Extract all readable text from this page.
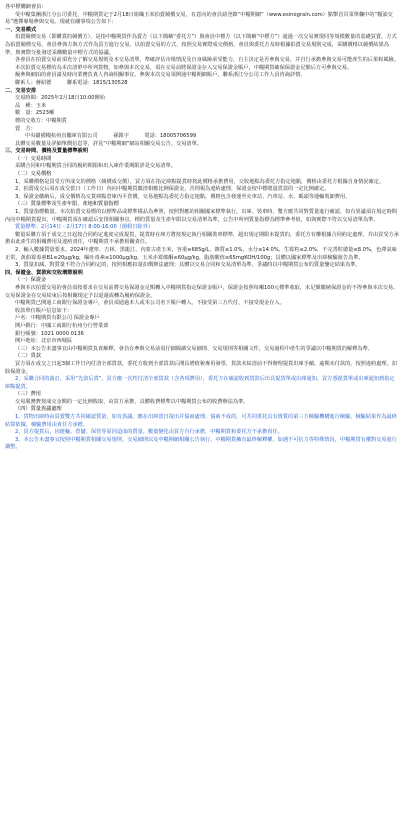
各中標購網會員：

受中糧集團浙江分公司委托，中糧期貨定于2月18日組織玉米拍賣競價交易，有意向的會員請登錄“中糧期網”（www.esinograin.com）點擊首頁菜單欄中的“糧油交易”選擇專場參與交易。現就有關事項公告如下：

一、交易模式

拍賣競價交易（即購貨的競價方），是指中糧期貨作為賣方（以下簡稱“委托方”）與會員中標方（以下簡稱“中標方”）通過一次交易實現同等規模數量的基礎買賣，方式為拍賣競價交易，會員參與方與方式作為買方進行交易，以拍賣交易的方式，按照交易實際成交價格，會員與委托方及時根據拍賣交易規則完成，采購價格以競價結果為準，與實際分批發送采購數量中標方式的協議。

各會員在拍賣交易前須充分了解交易規則及本交易清單，準確評估市場情況及自身風險承受能力，自主決定是否參與交易，并自行承擔參與交易可能產生的后果和風險。

本次拍賣交易標的為本次清單中所列貨物。如參與本次交易，須在交易前將保證金存入交易保證金賬戶，中糧期貨確保保證金足額后方可參與交易。

擬參與網拍的會員請及時向業務負責人咨詢相關事宜。參與本次交易須開通中糧期網賬戶，聯系浙江分公司工作人員咨詢詳情。

聯系人：蔣紹德　　　聯系電話：1815/130528

二、交易安排

交易時間：2025年2月18日10:00開始

品　種：玉米

數　量：2523噸

標的交收方：中糧期貨

賣　方：

中央儲備糧杭州直屬庫有限公司　　　孫銘宇　　　電話：18005706599

具體交易數量及詳細單價信息等，詳見“中糧期網”網站相關交易公告、交易清單。

三、交易時間、價格及質量標準說明

（一）交易時間

采購合同和中糧期貨合同的履約期限和出入庫作業期限詳見交易清單。

（二）交易價格

1、采購價格是買受方所成交的價格（競價成交價），買方須在指定庫點提貨時按此價格承擔費用，交收地點為委托方指定地點，價格由委托方根據自身情況確定。

2、拍賣成交后須在成交當日（工作日）內向中糧期貨繳清相應比例保證金，否則視為違約處理，保證金按中標總量貨款的一定比例確定。

3、保證金繳納后，成交價格為交貨庫點倉庫內平倉價，交易地點為委托方指定地點，價格包含發運至火車站、汽車站、水、碼頭等運輸裝卸費用。

（三）質量標準及生產年限、產地和質量指標

1、質量指標數量。本次拍賣交易標的以標準品或標準樣品為參照，按照對應的相關國家標準執行。出庫、裝車時，雙方應共同對質量進行確認，如有異議須在規定時間內向中糧期貨提出，中糧期貨須在確認后安排相關事宜。標的質量及生產年限以交易清單為準，公告中所列質量指標為標準參考值，如與實際不符以交易清單為準。

質量標準：2月14日 - 2月17日 8:00-16:00（節假日除外）

數量采購方須于成交之日起按合同約定進度完成提貨，提貨時在庫方將按規定執行相關裝車標準，超出規定期限未提貨的，委托方有權根據合同約定處理，并由買受方承擔由此產生的相關費用及違約責任，中糧期貨不承擔相關責任。

2、輸入數據質量要求。2024年遼寧、吉林、黑龍江、內蒙古產玉米，容重≥685g/L，雜質≤1.0%，水分≤14.0%，生霉粒≤2.0%，不完善粒總量≤8.0%，色澤氣味正常，黃曲霉毒素B1≤20μg/kg，嘔吐毒素≤1000μg/kg，玉米赤霉烯酮≤60μg/kg，脂肪酸值≤65mgKOH/100g；具體以國家標準及出庫檢驗報告為準。

3、質量扣減。對質量不符合合同約定的，按照相應扣量扣價辦法處理；具體以交易合同和交易清單為準，爭議時以中糧期貨公布的質量鑒定結果為準。

四、保證金、貨款和交收環節說明

（一）保證金

參與本次拍賣交易的會員須按要求在交易前將交易保證金足額轉入中糧期貨指定保證金賬戶，保證金按照每噸100元標準收取，未足額繳納保證金的不得參與本次交易。交易保證金在交易結束后按相關規定予以退還或轉為履約保證金。

中糧期貨已開通工商銀行保證金專戶，會員須通過本人或本公司名下賬戶轉入，不接受第三方代付，不接受現金存入。

收款單位賬戶信息如下：

戶名：中糧期貨有限公司 保證金專戶

開戶銀行：中國工商銀行杭州分行營業部

銀行帳號：1021 0000 0136

開戶地址：北京市西城區

（三）本公告未盡事宜由中糧期貨負責解釋，會員在參與交易前須仔細閱讀交易細則、交易規則等相關文件，交易過程中產生的爭議以中糧期貨的解釋為準。

（二）貨款

買方須在成交之日起3個工作日內付清全部貨款，委托方收到全部貨款后開具增值稅專用發票，貨款未結清前不得辦理提貨出庫手續。逾期未付款的，按照違約處理，扣除保證金。

2、采購合同的簽訂，采用“先款后貨”、買方應一次性付清全部貨款（含各項費用），委托方在確認收到貨款后出具提貨單或出庫通知，買方憑提貨單或出庫通知到指定庫點提貨。

（三）費用

交易服務費按成交金額的一定比例收取，由買方承擔，具體收費標準以中糧期貨公布的收費辦法為準。

（四）質量異議處理

1、貨物出庫時由買賣雙方共同確認質量，如有異議，應在出庫當日提出并協商處理，協商不成的，可共同委托具有資質的第三方檢驗機構進行檢驗，檢驗結果作為最終結算依據，檢驗費用由責任方承擔。

2、買方提貨后，因運輸、倉儲、保管等原因造成的質量、數量變化由買方自行承擔，中糧期貨和委托方不承擔責任。

3、本公告未盡事宜按照中糧期貨相關交易規則、交易細則以及中糧期網相關公告執行，中糧期貨擁有最終解釋權。如遇不可抗力等特殊情況，中糧期貨有權對交易進行調整。
